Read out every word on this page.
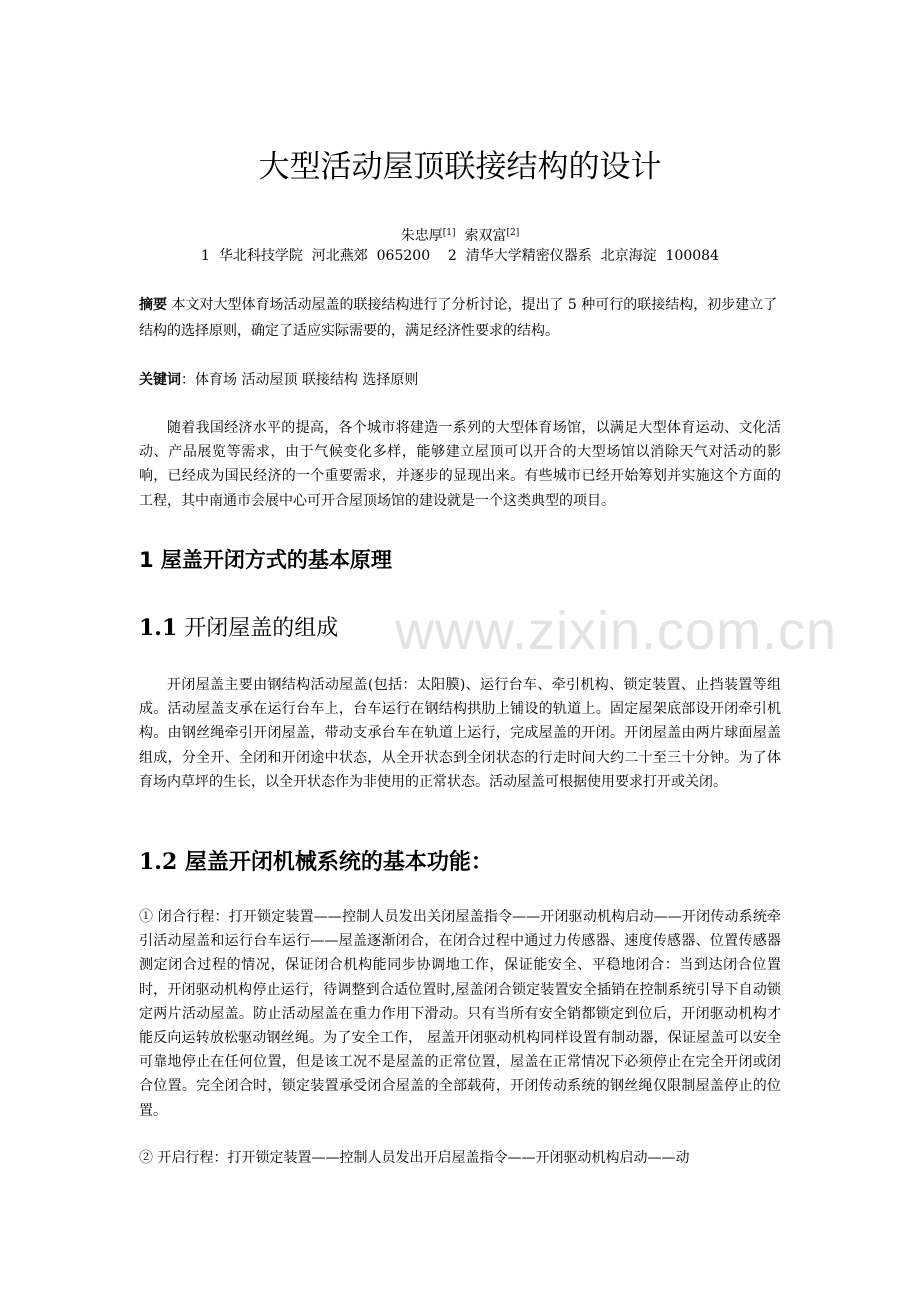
www.zixin.com.cn
大型活动屋顶联接结构的设计
朱忠厚[1] 索双富[2]
1  华北科技学院  河北燕郊  065200    2  清华大学精密仪器系  北京海淀  100084
摘要 本文对大型体育场活动屋盖的联接结构进行了分析讨论，提出了 5 种可行的联接结构，初步建立了结构的选择原则，确定了适应实际需要的，满足经济性要求的结构。
关键词：体育场 活动屋顶 联接结构 选择原则
随着我国经济水平的提高，各个城市将建造一系列的大型体育场馆，以满足大型体育运动、文化活动、产品展览等需求，由于气候变化多样，能够建立屋顶可以开合的大型场馆以消除天气对活动的影响，已经成为国民经济的一个重要需求，并逐步的显现出来。有些城市已经开始筹划并实施这个方面的工程，其中南通市会展中心可开合屋顶场馆的建设就是一个这类典型的项目。
1 屋盖开闭方式的基本原理
1.1 开闭屋盖的组成
开闭屋盖主要由钢结构活动屋盖(包括：太阳膜)、运行台车、牵引机构、锁定装置、止挡装置等组成。活动屋盖支承在运行台车上，台车运行在钢结构拱肋上铺设的轨道上。固定屋架底部设开闭牵引机构。由钢丝绳牵引开闭屋盖，带动支承台车在轨道上运行，完成屋盖的开闭。开闭屋盖由两片球面屋盖组成，分全开、全闭和开闭途中状态，从全开状态到全闭状态的行走时间大约二十至三十分钟。为了体育场内草坪的生长，以全开状态作为非使用的正常状态。活动屋盖可根据使用要求打开或关闭。
1.2 屋盖开闭机械系统的基本功能：
① 闭合行程：打开锁定装置——控制人员发出关闭屋盖指令——开闭驱动机构启动——开闭传动系统牵引活动屋盖和运行台车运行——屋盖逐渐闭合，在闭合过程中通过力传感器、速度传感器、位置传感器测定闭合过程的情况，保证闭合机构能同步协调地工作，保证能安全、平稳地闭合：当到达闭合位置时，开闭驱动机构停止运行，待调整到合适位置时,屋盖闭合锁定装置安全插销在控制系统引导下自动锁定两片活动屋盖。防止活动屋盖在重力作用下滑动。只有当所有安全销都锁定到位后，开闭驱动机构才能反向运转放松驱动钢丝绳。为了安全工作， 屋盖开闭驱动机构同样设置有制动器，保证屋盖可以安全可靠地停止在任何位置，但是该工况不是屋盖的正常位置，屋盖在正常情况下必须停止在完全开闭或闭合位置。完全闭合时，锁定装置承受闭合屋盖的全部载荷，开闭传动系统的钢丝绳仅限制屋盖停止的位置。
② 开启行程：打开锁定装置——控制人员发出开启屋盖指令——开闭驱动机构启动——动
